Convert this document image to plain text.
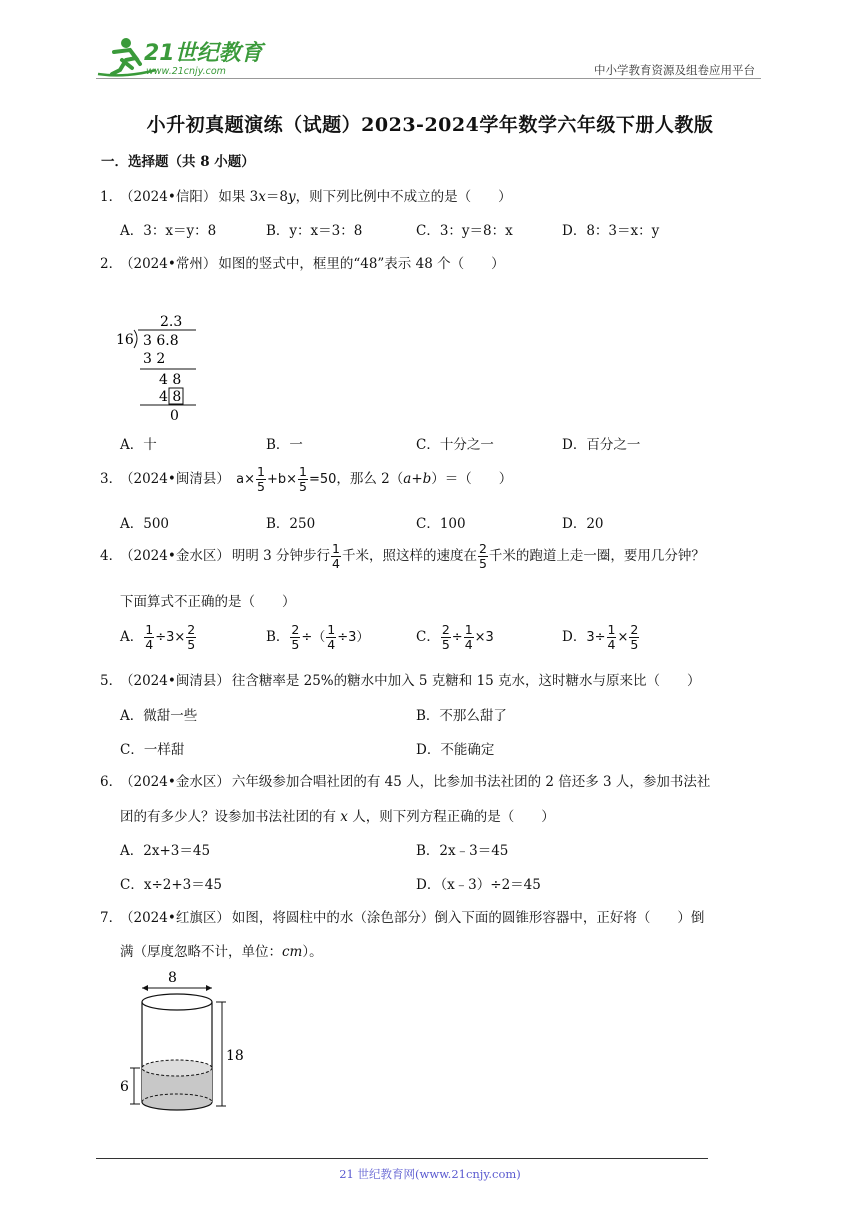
21世纪教育
www.21cnjy.com	中小学教育资源及组卷应用平台
小升初真题演练（试题）2023-2024学年数学六年级下册人教版
一．选择题（共 8 小题）
1．（2024•信阳） 如果 3x＝8y，则下列比例中不成立的是（　　）
A．3：x＝y：8	B．y：x＝3：8	C．3：y＝8：x	D．8：3＝x：y
2．（2024•常州） 如图的竖式中，框里的“48”表示 48 个（　　）
2.3
16 3 6.8
3 2
4 8
4 8
0
A．十	B．一	C．十分之一	D．百分之一
3．（2024•闽清县） $a\times \frac{1}{5} +b\times \frac{1}{5} =50$，那么 2（a+b）＝（　　）
A．500	B．250	C．100	D．20
4．（2024•金水区） 明明 3 分钟步行 $\frac{1}{4}$ 千米，照这样的速度在 $\frac{2}{5}$ 千米的跑道上走一圈，要用几分钟？
下面算式不正确的是（　　）
A． $\frac{1}{4} \div 3\times \frac{2}{5}$	B． $\frac{2}{5}$ ÷（ $\frac{1}{4} \div 3$）	C． $\frac{2}{5} \div \frac{1}{4} \times 3$	D．$3\div \frac{1}{4} \times \frac{2}{5}$
5．（2024•闽清县） 往含糖率是 25%的糖水中加入 5 克糖和 15 克水，这时糖水与原来比（　　）
A．微甜一些	B．不那么甜了
C．一样甜	D．不能确定
6．（2024•金水区） 六年级参加合唱社团的有 45 人，比参加书法社团的 2 倍还多 3 人，参加书法社
团的有多少人？设参加书法社团的有 x 人，则下列方程正确的是（　　）
A．2x+3＝45	B．2x﹣3＝45
C．x÷2+3＝45	D．（x﹣3）÷2＝45
7．（2024•红旗区） 如图，将圆柱中的水（涂色部分）倒入下面的圆锥形容器中，正好将（　　）倒
满（厚度忽略不计，单位：cm）。
8
18
6
21 世纪教育网(www.21cnjy.com)
